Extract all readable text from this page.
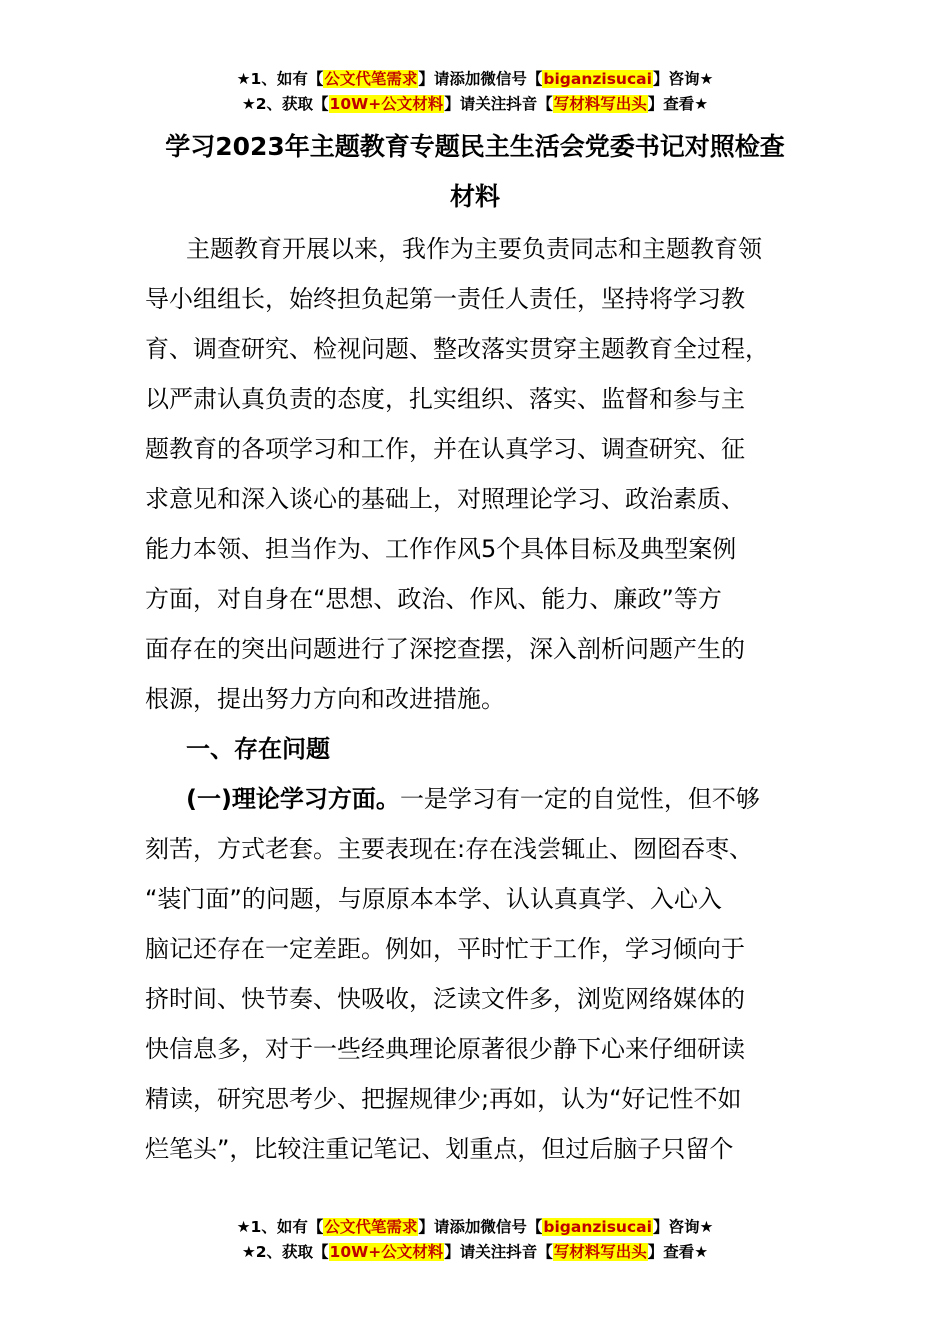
★1、如有【公文代笔需求】请添加微信号【biganzisucai】咨询★
★2、获取【10W+公文材料】请关注抖音【写材料写出头】查看★
学习2023年主题教育专题民主生活会党委书记对照检查
材料

主题教育开展以来，我作为主要负责同志和主题教育领
导小组组长，始终担负起第一责任人责任，坚持将学习教
育、调查研究、检视问题、整改落实贯穿主题教育全过程，
以严肃认真负责的态度，扎实组织、落实、监督和参与主
题教育的各项学习和工作，并在认真学习、调查研究、征
求意见和深入谈心的基础上，对照理论学习、政治素质、
能力本领、担当作为、工作作风5个具体目标及典型案例
方面，对自身在“思想、政治、作风、能力、廉政”等方
面存在的突出问题进行了深挖查摆，深入剖析问题产生的
根源，提出努力方向和改进措施。

一、存在问题

(一)理论学习方面。一是学习有一定的自觉性，但不够
刻苦，方式老套。主要表现在:存在浅尝辄止、囫囵吞枣、
“装门面”的问题，与原原本本学、认认真真学、入心入
脑记还存在一定差距。例如，平时忙于工作，学习倾向于
挤时间、快节奏、快吸收，泛读文件多，浏览网络媒体的
快信息多，对于一些经典理论原著很少静下心来仔细研读
精读，研究思考少、把握规律少;再如，认为“好记性不如
烂笔头”，比较注重记笔记、划重点，但过后脑子只留个

★1、如有【公文代笔需求】请添加微信号【biganzisucai】咨询★
★2、获取【10W+公文材料】请关注抖音【写材料写出头】查看★
